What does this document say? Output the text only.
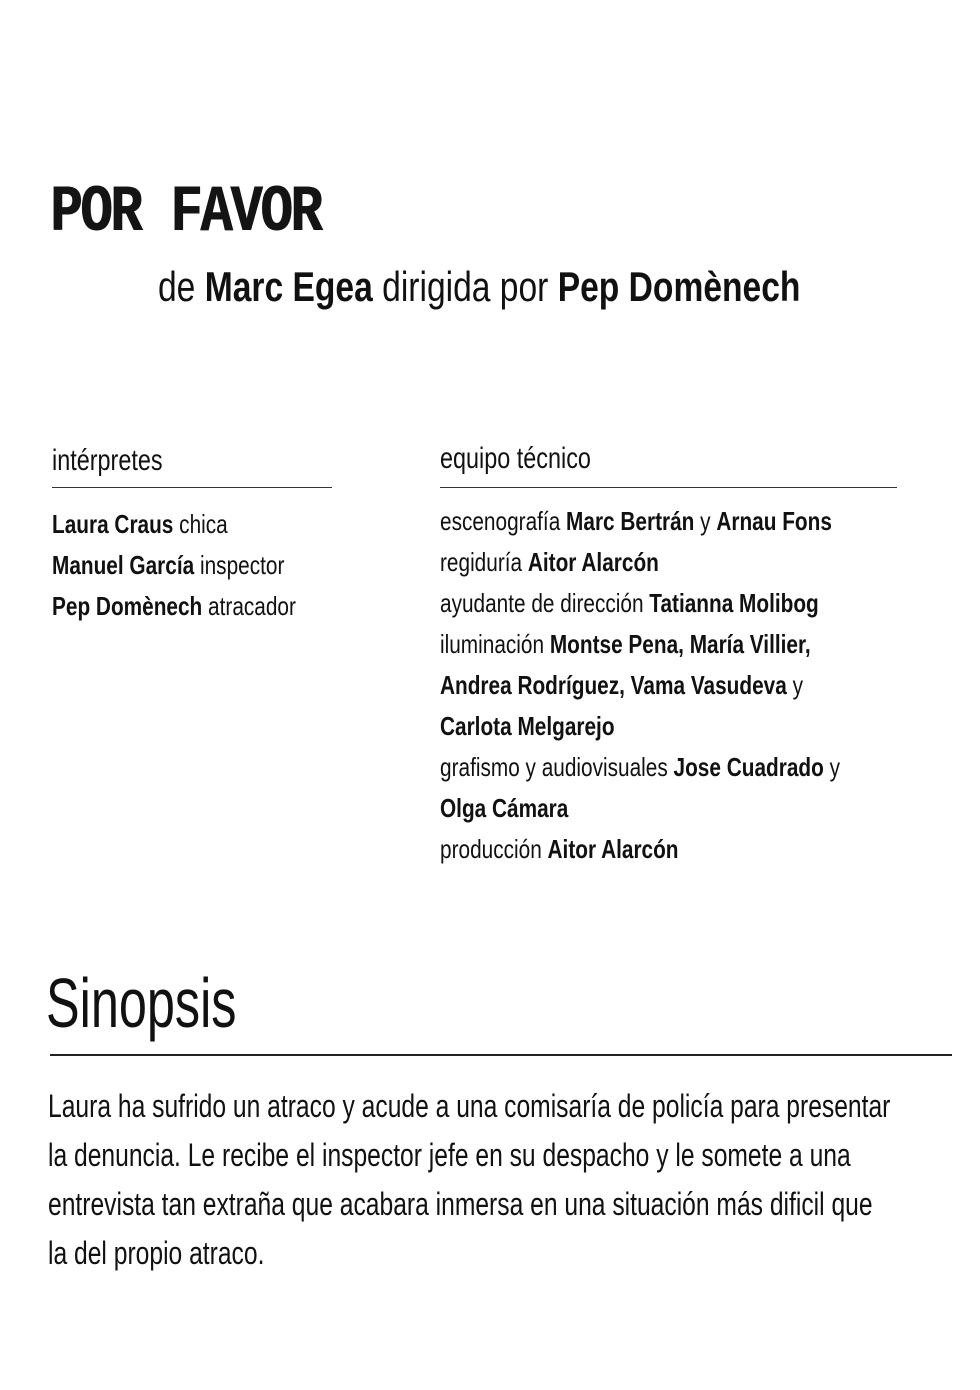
POR FAVOR
de Marc Egea dirigida por Pep Domènech
intérpretes
Laura Craus chica
Manuel García inspector
Pep Domènech atracador
equipo técnico
escenografía Marc Bertrán y Arnau Fons
regiduría Aitor Alarcón
ayudante de dirección Tatianna Molibog
iluminación Montse Pena, María Villier,
Andrea Rodríguez, Vama Vasudeva y
Carlota Melgarejo
grafismo y audiovisuales Jose Cuadrado y
Olga Cámara
producción Aitor Alarcón
Sinopsis
Laura ha sufrido un atraco y acude a una comisaría de policía para presentar
la denuncia. Le recibe el inspector jefe en su despacho y le somete a una
entrevista tan extraña que acabara inmersa en una situación más dificil que
la del propio atraco.
